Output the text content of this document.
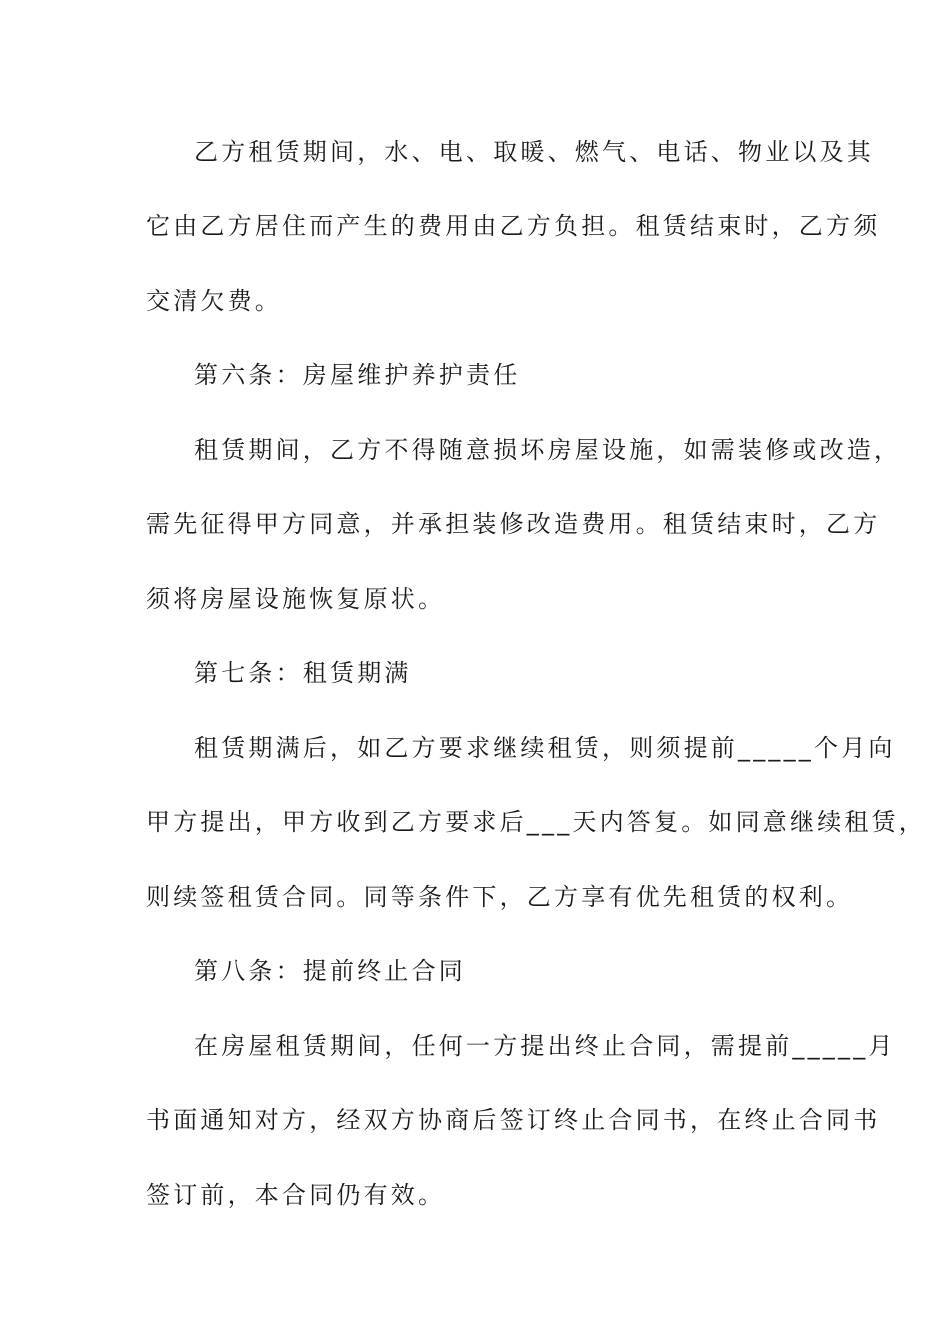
乙方租赁期间，水、电、取暖、燃气、电话、物业以及其
它由乙方居住而产生的费用由乙方负担。租赁结束时，乙方须
交清欠费。
第六条：房屋维护养护责任
租赁期间，乙方不得随意损坏房屋设施，如需装修或改造，
需先征得甲方同意，并承担装修改造费用。租赁结束时，乙方
须将房屋设施恢复原状。
第七条：租赁期满
租赁期满后，如乙方要求继续租赁，则须提前_____个月向
甲方提出，甲方收到乙方要求后___天内答复。如同意继续租赁，
则续签租赁合同。同等条件下，乙方享有优先租赁的权利。
第八条：提前终止合同
在房屋租赁期间，任何一方提出终止合同，需提前_____月
书面通知对方，经双方协商后签订终止合同书，在终止合同书
签订前，本合同仍有效。
